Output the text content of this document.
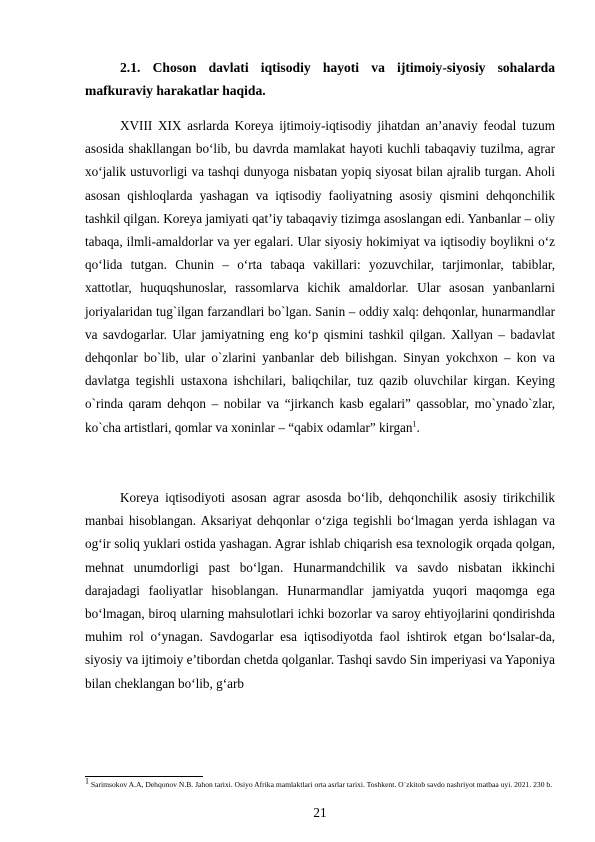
2.1. Choson davlati iqtisodiy hayoti va ijtimoiy-siyosiy sohalarda mafkuraviy harakatlar haqida.

XVIII XIX asrlarda Koreya ijtimoiy-iqtisodiy jihatdan an’anaviy feodal tuzum asosida shakllangan bo‘lib, bu davrda mamlakat hayoti kuchli tabaqaviy tuzilma, agrar xo‘jalik ustuvorligi va tashqi dunyoga nisbatan yopiq siyosat bilan ajralib turgan. Aholi asosan qishloqlarda yashagan va iqtisodiy faoliyatning asosiy qismini dehqonchilik tashkil qilgan. Koreya jamiyati qat’iy tabaqaviy tizimga asoslangan edi. Yanbanlar – oliy tabaqa, ilmli-amaldorlar va yer egalari. Ular siyosiy hokimiyat va iqtisodiy boylikni o‘z qo‘lida tutgan. Chunin – o‘rta tabaqa vakillari: yozuvchilar, tarjimonlar, tabiblar, xattotlar, huquqshunoslar, rassomlarva kichik amaldorlar. Ular asosan yanbanlarni joriyalaridan tug`ilgan farzandlari bo`lgan. Sanin – oddiy xalq: dehqonlar, hunarmandlar va savdogarlar. Ular jamiyatning eng ko‘p qismini tashkil qilgan. Xallyan – badavlat dehqonlar bo`lib, ular o`zlarini yanbanlar deb bilishgan. Sinyan yokchxon – kon va davlatga tegishli ustaxona ishchilari, baliqchilar, tuz qazib oluvchilar kirgan. Keying o`rinda qaram dehqon – nobilar va “jirkanch kasb egalari” qassoblar, mo`ynado`zlar, ko`cha artistlari, qomlar va xoninlar – “qabix odamlar” kirgan$^1$.

Koreya iqtisodiyoti asosan agrar asosda bo‘lib, dehqonchilik asosiy tirikchilik manbai hisoblangan. Aksariyat dehqonlar o‘ziga tegishli bo‘lmagan yerda ishlagan va og‘ir soliq yuklari ostida yashagan. Agrar ishlab chiqarish esa texnologik orqada qolgan, mehnat unumdorligi past bo‘lgan. Hunarmandchilik va savdo nisbatan ikkinchi darajadagi faoliyatlar hisoblangan. Hunarmandlar jamiyatda yuqori maqomga ega bo‘lmagan, biroq ularning mahsulotlari ichki bozorlar va saroy ehtiyojlarini qondirishda muhim rol o‘ynagan. Savdogarlar esa iqtisodiyotda faol ishtirok etgan bo‘lsalar-da, siyosiy va ijtimoiy e’tibordan chetda qolganlar. Tashqi savdo Sin imperiyasi va Yaponiya bilan cheklangan bo‘lib, g‘arb

$^1$ Sarimsokov A.A, Dehqonov N.B. Jahon tarixi. Osiyo Afrika mamlaktlari orta asrlar tarixi. Toshkent. O`zkitob savdo nashriyot matbaa uyi. 2021. 230 b.

21
